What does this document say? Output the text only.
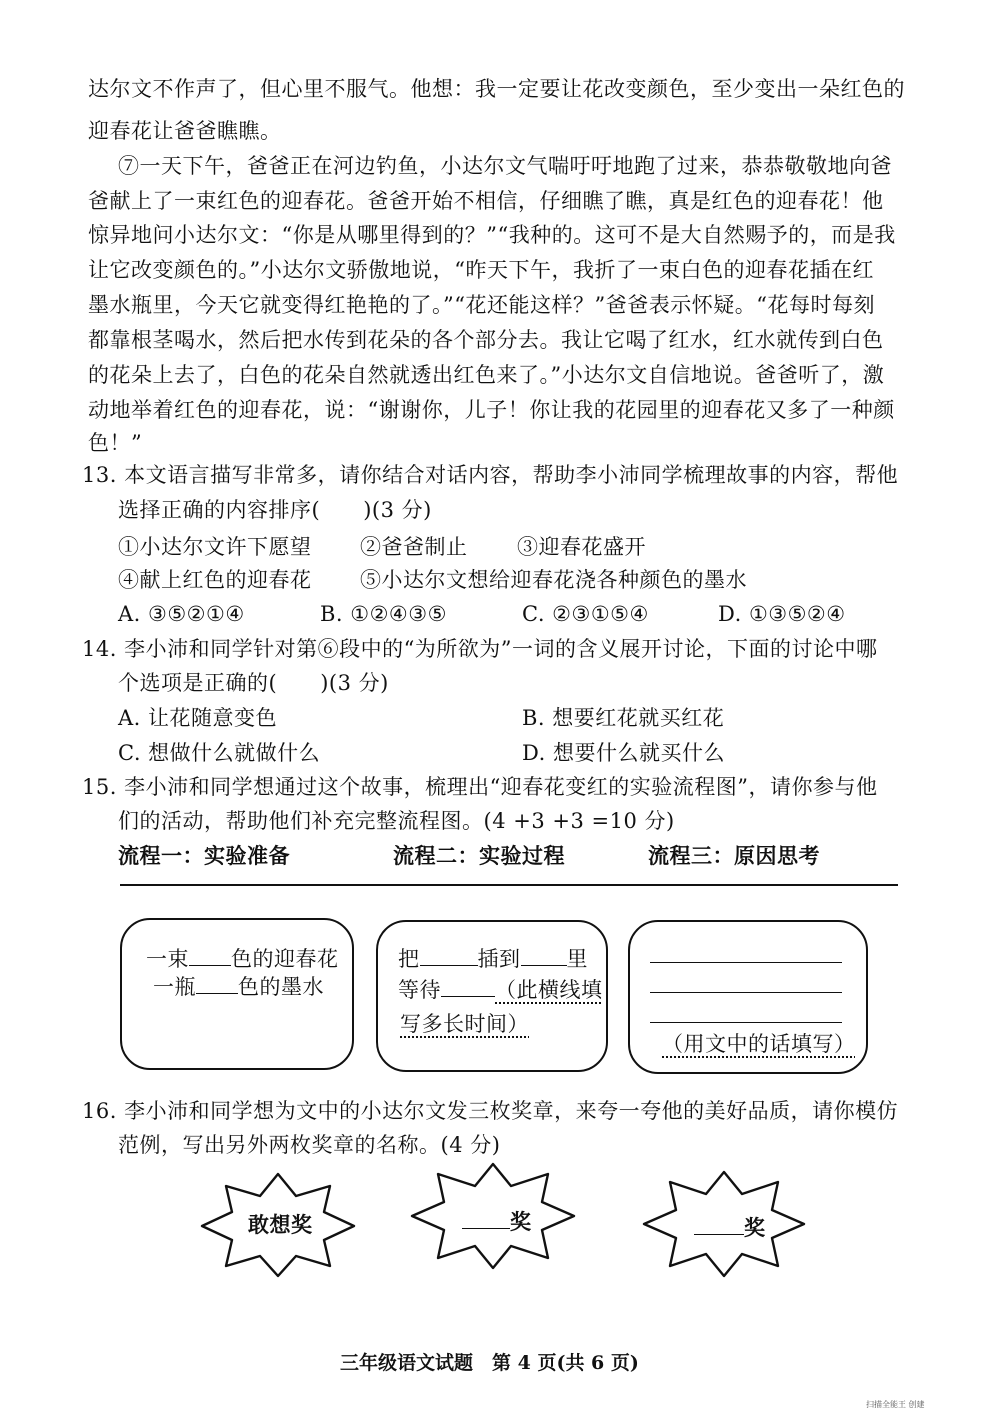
达尔文不作声了，但心里不服气。他想：我一定要让花改变颜色，至少变出一朵红色的
迎春花让爸爸瞧瞧。
⑦一天下午，爸爸正在河边钓鱼，小达尔文气喘吁吁地跑了过来，恭恭敬敬地向爸
爸献上了一束红色的迎春花。爸爸开始不相信，仔细瞧了瞧，真是红色的迎春花！他
惊异地问小达尔文：“你是从哪里得到的？”“我种的。这可不是大自然赐予的，而是我
让它改变颜色的。”小达尔文骄傲地说，“昨天下午，我折了一束白色的迎春花插在红
墨水瓶里，今天它就变得红艳艳的了。”“花还能这样？”爸爸表示怀疑。“花每时每刻
都靠根茎喝水，然后把水传到花朵的各个部分去。我让它喝了红水，红水就传到白色
的花朵上去了，白色的花朵自然就透出红色来了。”小达尔文自信地说。爸爸听了，激
动地举着红色的迎春花，说：“谢谢你，儿子！你让我的花园里的迎春花又多了一种颜
色！”
13. 本文语言描写非常多，请你结合对话内容，帮助李小沛同学梳理故事的内容，帮他
选择正确的内容排序(　　)(3 分)
①小达尔文许下愿望 ②爸爸制止 ③迎春花盛开
④献上红色的迎春花 ⑤小达尔文想给迎春花浇各种颜色的墨水
A. ③⑤②①④	B. ①②④③⑤	C. ②③①⑤④	D. ①③⑤②④
14. 李小沛和同学针对第⑥段中的“为所欲为”一词的含义展开讨论，下面的讨论中哪
个选项是正确的(　　)(3 分)
A. 让花随意变色	B. 想要红花就买红花
C. 想做什么就做什么	D. 想要什么就买什么
15. 李小沛和同学想通过这个故事，梳理出“迎春花变红的实验流程图”，请你参与他
们的活动，帮助他们补充完整流程图。(4 +3 +3 =10 分)
流程一：实验准备	流程二：实验过程	流程三：原因思考
一束 色的迎春花
一瓶 色的墨水
把	插到 里
等待	（此横线填
写多长时间）
（用文中的话填写）
16. 李小沛和同学想为文中的小达尔文发三枚奖章，来夸一夸他的美好品质，请你模仿
范例，写出另外两枚奖章的名称。(4 分)
敢想奖	奖	奖
三年级语文试题　第 4 页(共 6 页)
扫描全能王 创建
